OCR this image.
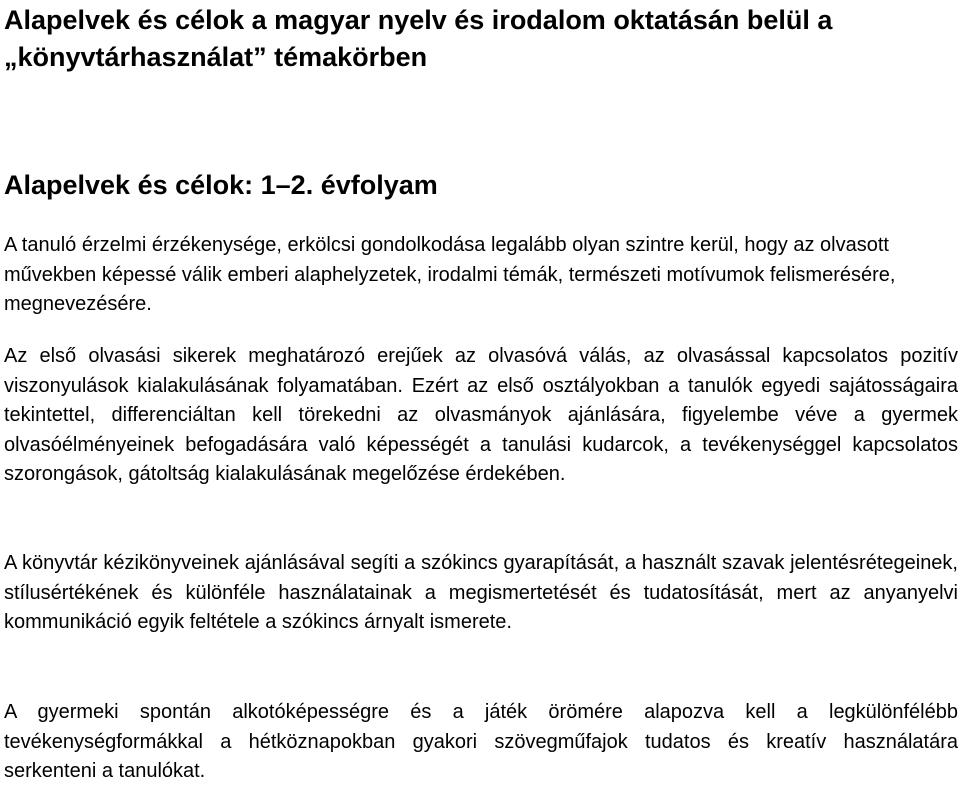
Alapelvek és célok a magyar nyelv és irodalom oktatásán belül a „könyvtárhasználat” témakörben
Alapelvek és célok: 1–2. évfolyam

A tanuló érzelmi érzékenysége, erkölcsi gondolkodása legalább olyan szintre kerül, hogy az olvasott művekben képessé válik emberi alaphelyzetek, irodalmi témák, természeti motívumok felismerésére, megnevezésére.

Az első olvasási sikerek meghatározó erejűek az olvasóvá válás, az olvasással kapcsolatos pozitív viszonyulások kialakulásának folyamatában. Ezért az első osztályokban a tanulók egyedi sajátosságaira tekintettel, differenciáltan kell törekedni az olvasmányok ajánlására, figyelembe véve a gyermek olvasóélményeinek befogadására való képességét a tanulási kudarcok, a tevékenységgel kapcsolatos szorongások, gátoltság kialakulásának megelőzése érdekében.

A könyvtár kézikönyveinek ajánlásával segíti a szókincs gyarapítását, a használt szavak jelentésrétegeinek, stílusértékének és különféle használatainak a megismertetését és tudatosítását, mert az anyanyelvi kommunikáció egyik feltétele a szókincs árnyalt ismerete.

A gyermeki spontán alkotóképességre és a játék örömére alapozva kell a legkülönfélébb tevékenységformákkal a hétköznapokban gyakori szövegműfajok tudatos és kreatív használatára serkenteni a tanulókat.
